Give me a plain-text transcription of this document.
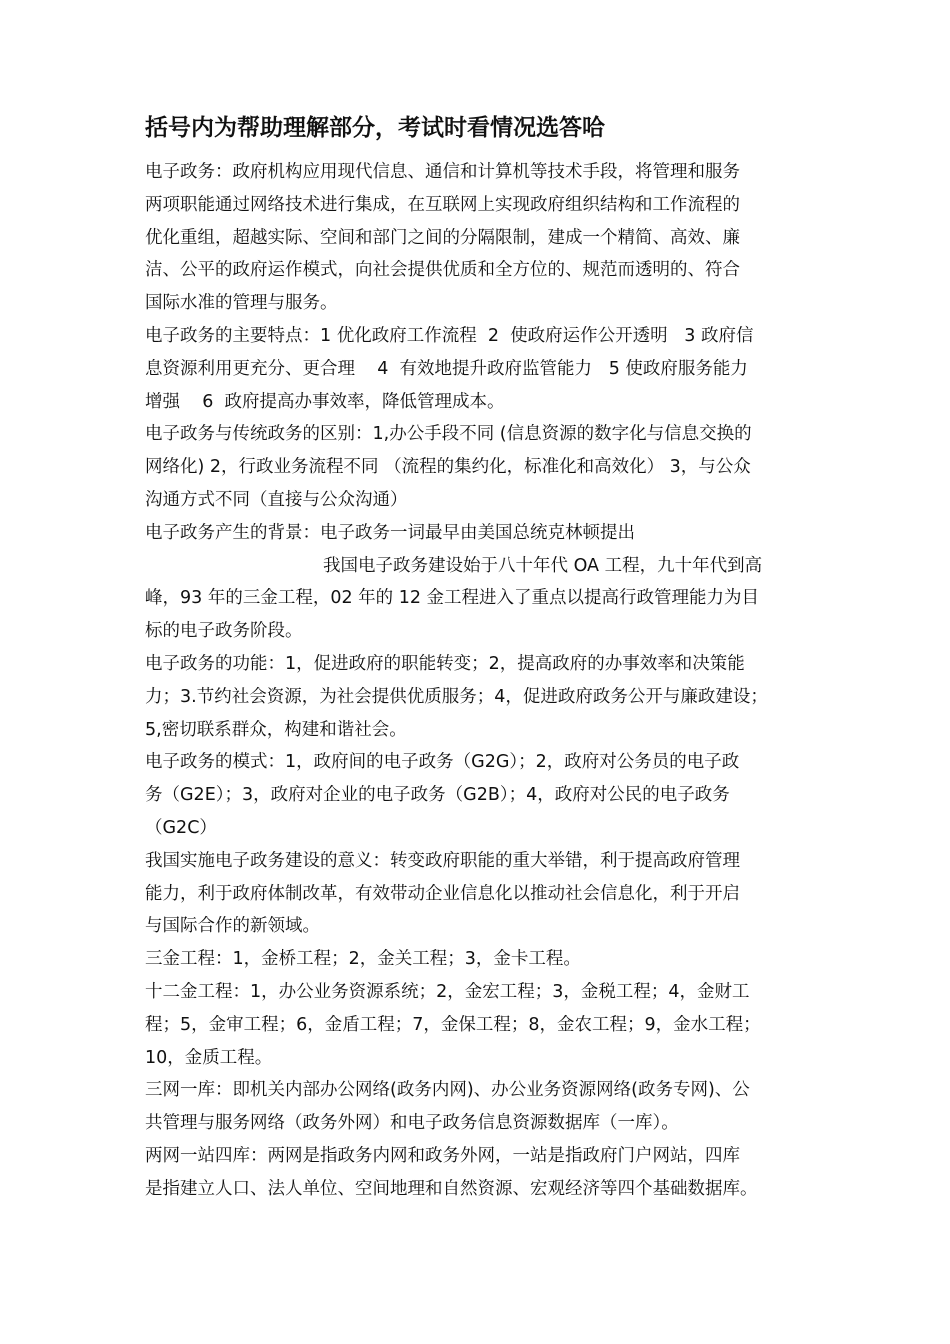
括号内为帮助理解部分，考试时看情况选答哈

电子政务：政府机构应用现代信息、通信和计算机等技术手段，将管理和服务
两项职能通过网络技术进行集成，在互联网上实现政府组织结构和工作流程的
优化重组，超越实际、空间和部门之间的分隔限制，建成一个精简、高效、廉
洁、公平的政府运作模式，向社会提供优质和全方位的、规范而透明的、符合
国际水准的管理与服务。

电子政务的主要特点：1 优化政府工作流程  2  使政府运作公开透明   3 政府信
息资源利用更充分、更合理    4  有效地提升政府监管能力   5 使政府服务能力
增强    6  政府提高办事效率，降低管理成本。

电子政务与传统政务的区别：1,办公手段不同 (信息资源的数字化与信息交换的
网络化) 2，行政业务流程不同 （流程的集约化，标准化和高效化） 3，与公众
沟通方式不同（直接与公众沟通）

电子政务产生的背景：电子政务一词最早由美国总统克林顿提出
我国电子政务建设始于八十年代 OA 工程，九十年代到高
峰，93 年的三金工程，02 年的 12 金工程进入了重点以提高行政管理能力为目
标的电子政务阶段。

电子政务的功能：1，促进政府的职能转变；2，提高政府的办事效率和决策能
力；3.节约社会资源，为社会提供优质服务；4，促进政府政务公开与廉政建设；
5,密切联系群众，构建和谐社会。

电子政务的模式：1，政府间的电子政务（G2G）；2，政府对公务员的电子政
务（G2E）；3，政府对企业的电子政务（G2B）；4，政府对公民的电子政务
（G2C）

我国实施电子政务建设的意义：转变政府职能的重大举错，利于提高政府管理
能力，利于政府体制改革，有效带动企业信息化以推动社会信息化，利于开启
与国际合作的新领域。

三金工程：1，金桥工程；2，金关工程；3，金卡工程。

十二金工程：1，办公业务资源系统；2，金宏工程；3，金税工程；4，金财工
程；5，金审工程；6，金盾工程；7，金保工程；8，金农工程；9，金水工程；
10，金质工程。

三网一库：即机关内部办公网络(政务内网)、办公业务资源网络(政务专网)、公
共管理与服务网络（政务外网）和电子政务信息资源数据库（一库）。

两网一站四库：两网是指政务内网和政务外网，一站是指政府门户网站，四库
是指建立人口、法人单位、空间地理和自然资源、宏观经济等四个基础数据库。
